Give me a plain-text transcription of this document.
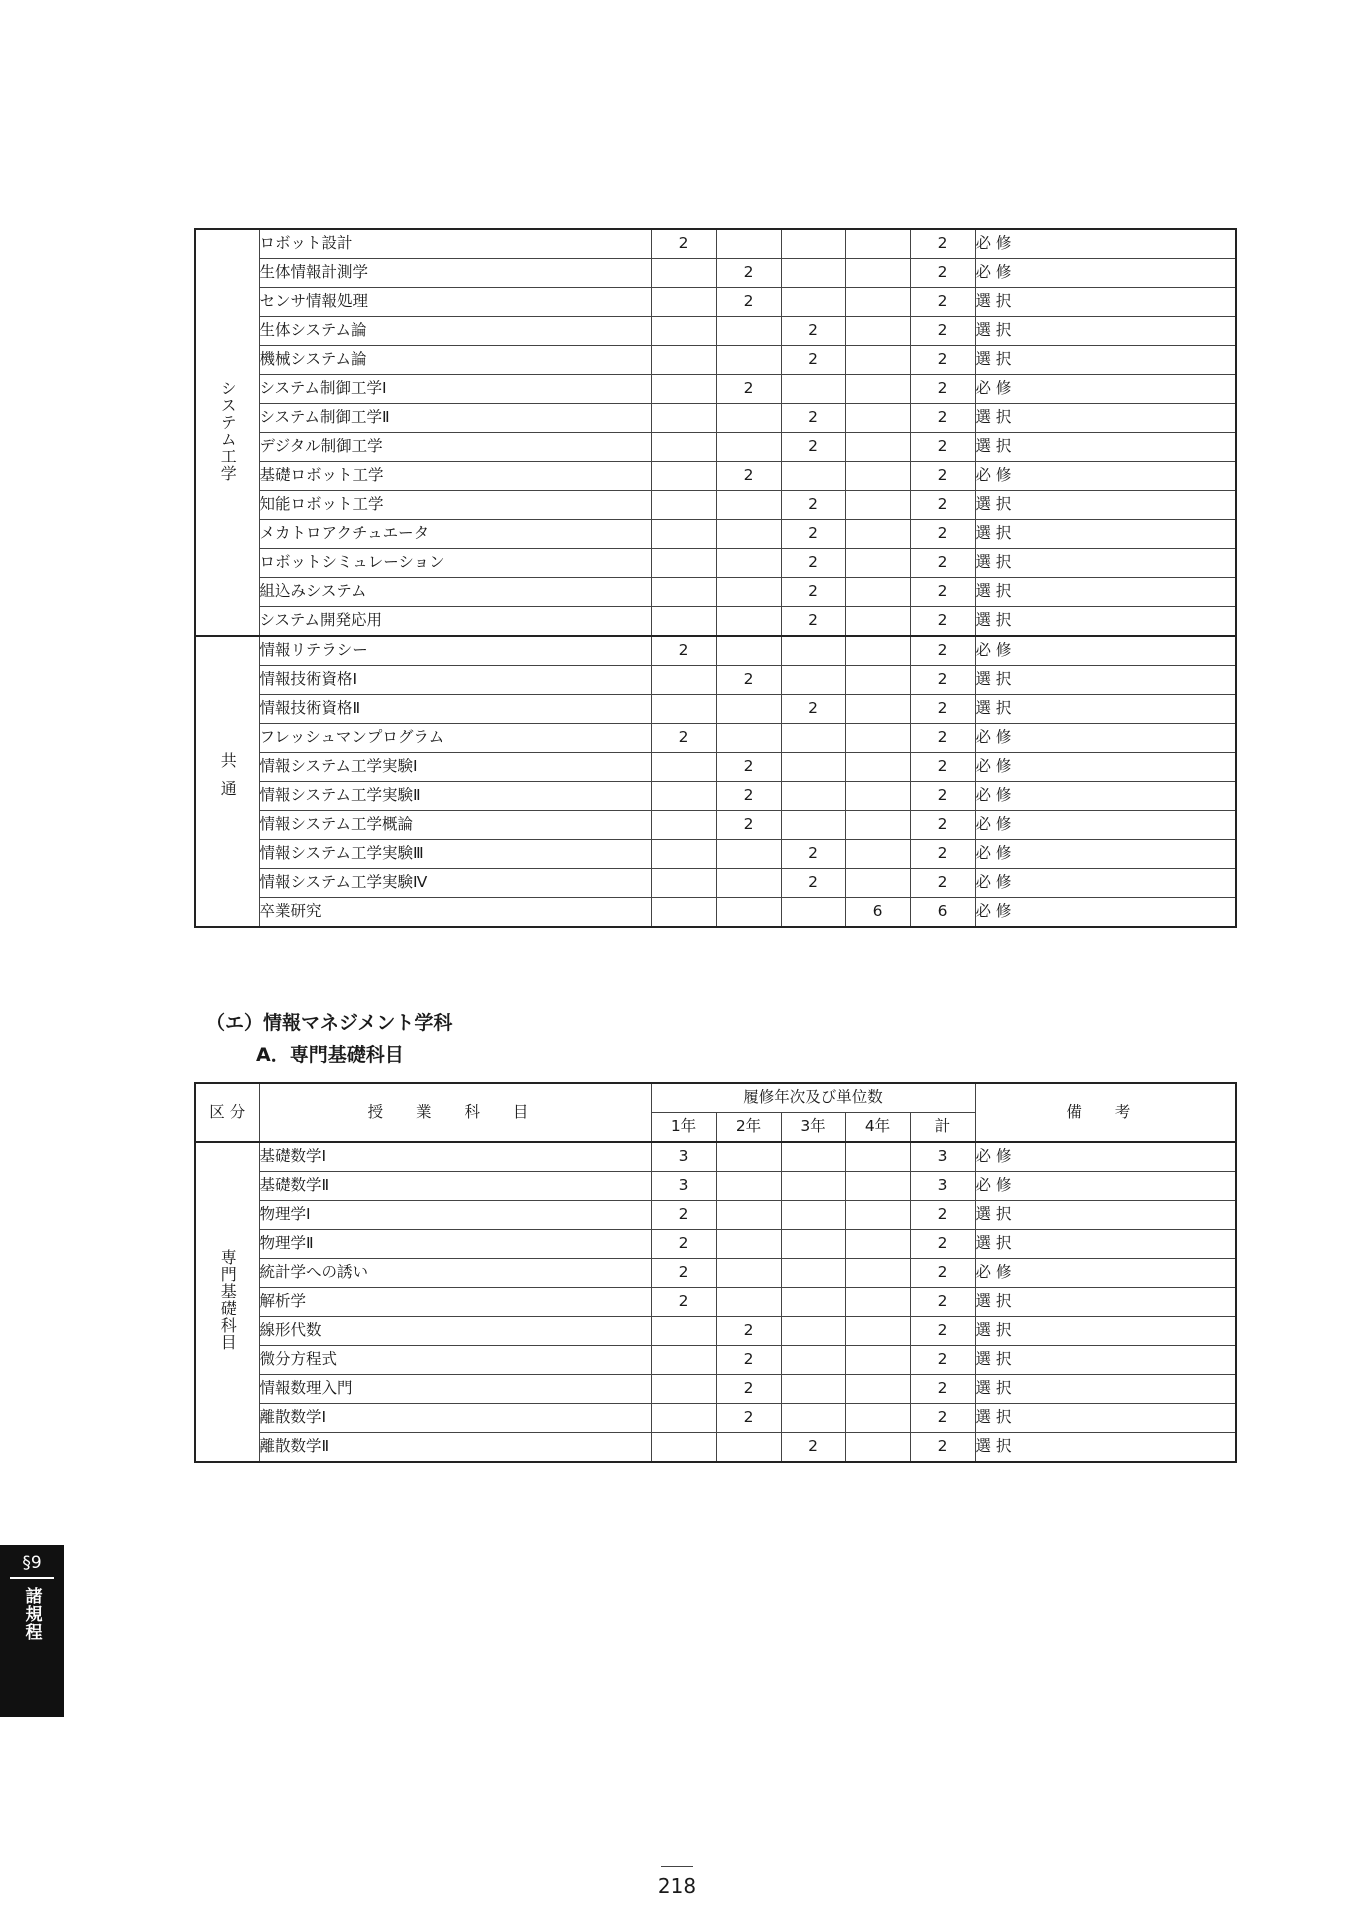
システム工学	ロボット設計	2				2	必 修
	生体情報計測学		2			2	必 修
	センサ情報処理		2			2	選 択
	生体システム論			2		2	選 択
	機械システム論			2		2	選 択
	システム制御工学Ⅰ		2			2	必 修
	システム制御工学Ⅱ			2		2	選 択
	デジタル制御工学			2		2	選 択
	基礎ロボット工学		2			2	必 修
	知能ロボット工学			2		2	選 択
	メカトロアクチュエータ			2		2	選 択
	ロボットシミュレーション			2		2	選 択
	組込みシステム			2		2	選 択
	システム開発応用			2		2	選 択
共通	情報リテラシー	2				2	必 修
	情報技術資格Ⅰ		2			2	選 択
	情報技術資格Ⅱ			2		2	選 択
	フレッシュマンプログラム	2				2	必 修
	情報システム工学実験Ⅰ		2			2	必 修
	情報システム工学実験Ⅱ		2			2	必 修
	情報システム工学概論		2			2	必 修
	情報システム工学実験Ⅲ			2		2	必 修
	情報システム工学実験Ⅳ			2		2	必 修
	卒業研究				6	6	必 修
（エ）情報マネジメント学科
A．専門基礎科目
区 分	授 業 科 目	履修年次及び単位数					備 考
		1年	2年	3年	4年	計	
専門基礎科目	基礎数学Ⅰ	3				3	必 修
	基礎数学Ⅱ	3				3	必 修
	物理学Ⅰ	2				2	選 択
	物理学Ⅱ	2				2	選 択
	統計学への誘い	2				2	必 修
	解析学	2				2	選 択
	線形代数		2			2	選 択
	微分方程式		2			2	選 択
	情報数理入門		2			2	選 択
	離散数学Ⅰ		2			2	選 択
	離散数学Ⅱ			2		2	選 択
§9
諸規程
218
